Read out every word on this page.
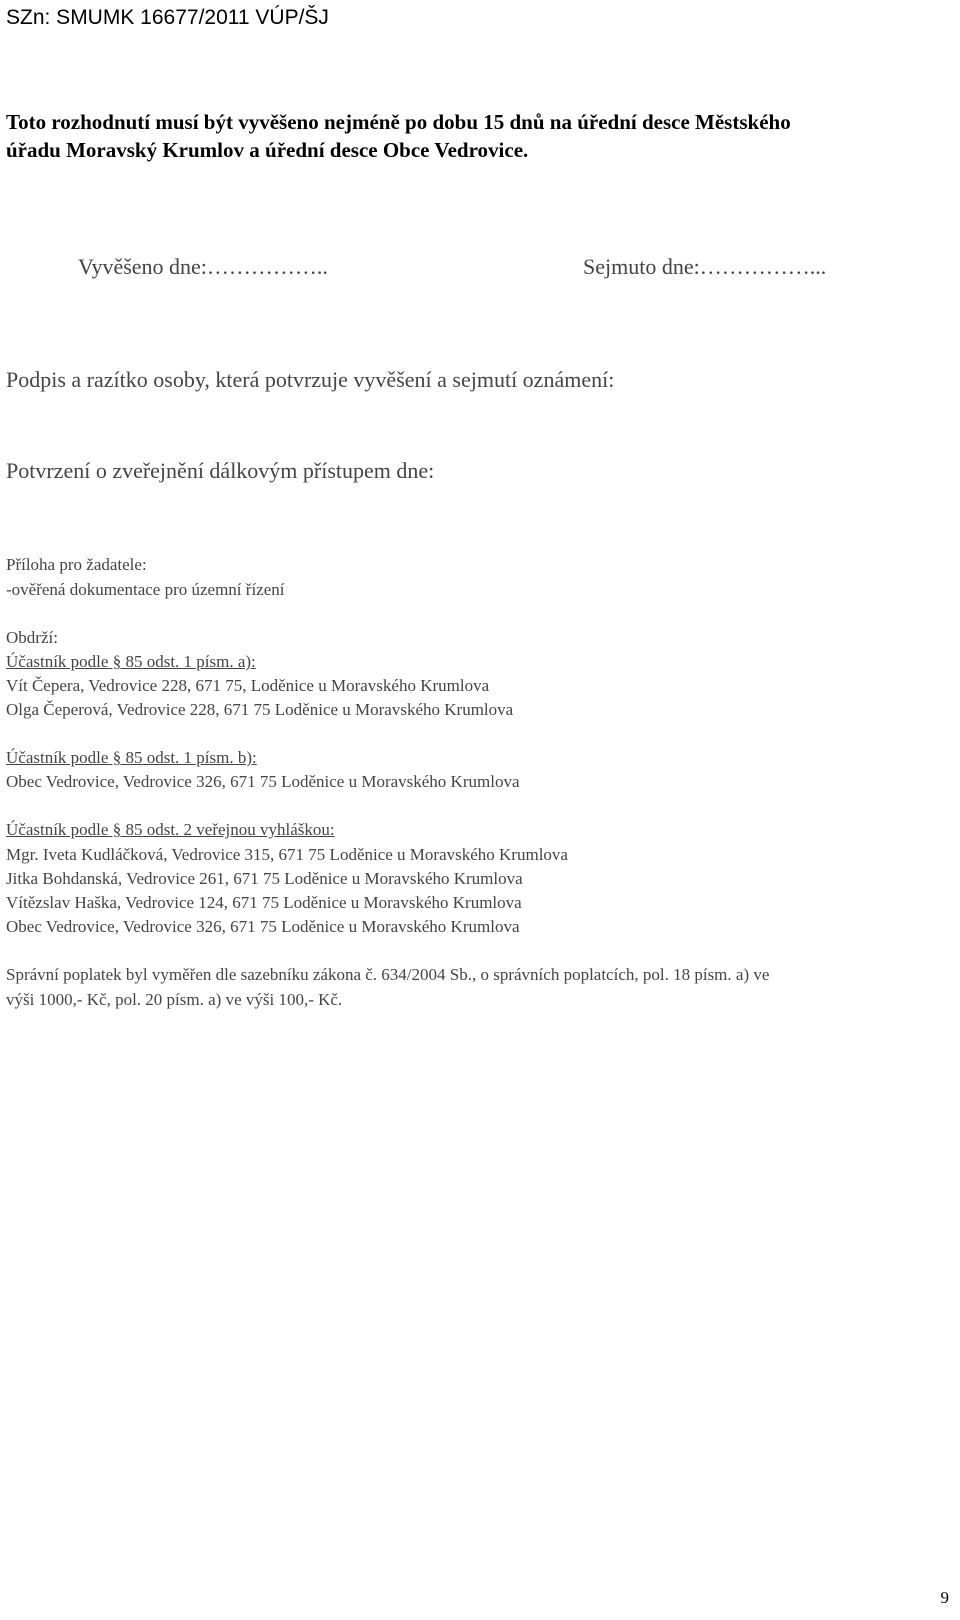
SZn: SMUMK 16677/2011 VÚP/ŠJ
Toto rozhodnutí musí být vyvěšeno nejméně po dobu 15 dnů na úřední desce Městského
úřadu Moravský Krumlov a úřední desce Obce Vedrovice.
Vyvěšeno dne:……………..	Sejmuto dne:……………...
Podpis a razítko osoby, která potvrzuje vyvěšení a sejmutí oznámení:
Potvrzení o zveřejnění dálkovým přístupem dne:
Příloha pro žadatele:
-ověřená dokumentace pro územní řízení
Obdrží:
Účastník podle § 85 odst. 1 písm. a):
Vít Čepera, Vedrovice 228, 671 75, Loděnice u Moravského Krumlova
Olga Čeperová, Vedrovice 228, 671 75 Loděnice u Moravského Krumlova
Účastník podle § 85 odst. 1 písm. b):
Obec Vedrovice, Vedrovice 326, 671 75 Loděnice u Moravského Krumlova
Účastník podle § 85 odst. 2 veřejnou vyhláškou:
Mgr. Iveta Kudláčková, Vedrovice 315, 671 75 Loděnice u Moravského Krumlova
Jitka Bohdanská, Vedrovice 261, 671 75 Loděnice u Moravského Krumlova
Vítězslav Haška, Vedrovice 124, 671 75 Loděnice u Moravského Krumlova
Obec Vedrovice, Vedrovice 326, 671 75 Loděnice u Moravského Krumlova
Správní poplatek byl vyměřen dle sazebníku zákona č. 634/2004 Sb., o správních poplatcích, pol. 18 písm. a) ve
výši 1000,- Kč, pol. 20 písm. a) ve výši 100,- Kč.
9
